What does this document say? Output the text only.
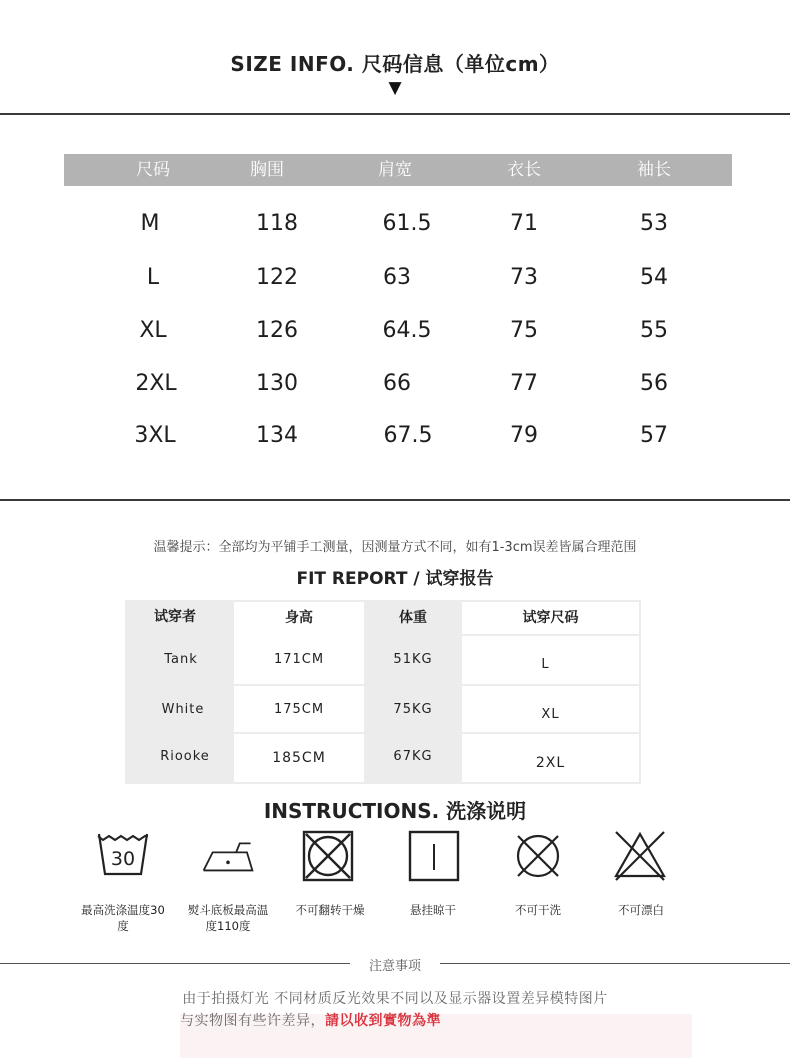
SIZE INFO. 尺码信息（单位cm）
▼
尺码	胸围	肩宽	衣长	袖长
M	118	61.5	71	53
L	122	63	73	54
XL	126	64.5	75	55
2XL	130	66	77	56
3XL	134	67.5	79	57
温馨提示：全部均为平铺手工测量，因测量方式不同，如有1-3cm误差皆属合理范围
FIT REPORT / 试穿报告
试穿者	身高	体重	试穿尺码
Tank	171CM	51KG	L
White	175CM	75KG	XL
Riooke	185CM	67KG	2XL
INSTRUCTIONS. 洗涤说明
30
最高洗涤温度30度
熨斗底板最高温度110度
不可翻转干燥	悬挂晾干	不可干洗	不可漂白
注意事项
由于拍摄灯光 不同材质反光效果不同以及显示器设置差异模特图片
与实物图有些许差异，請以收到實物為準
